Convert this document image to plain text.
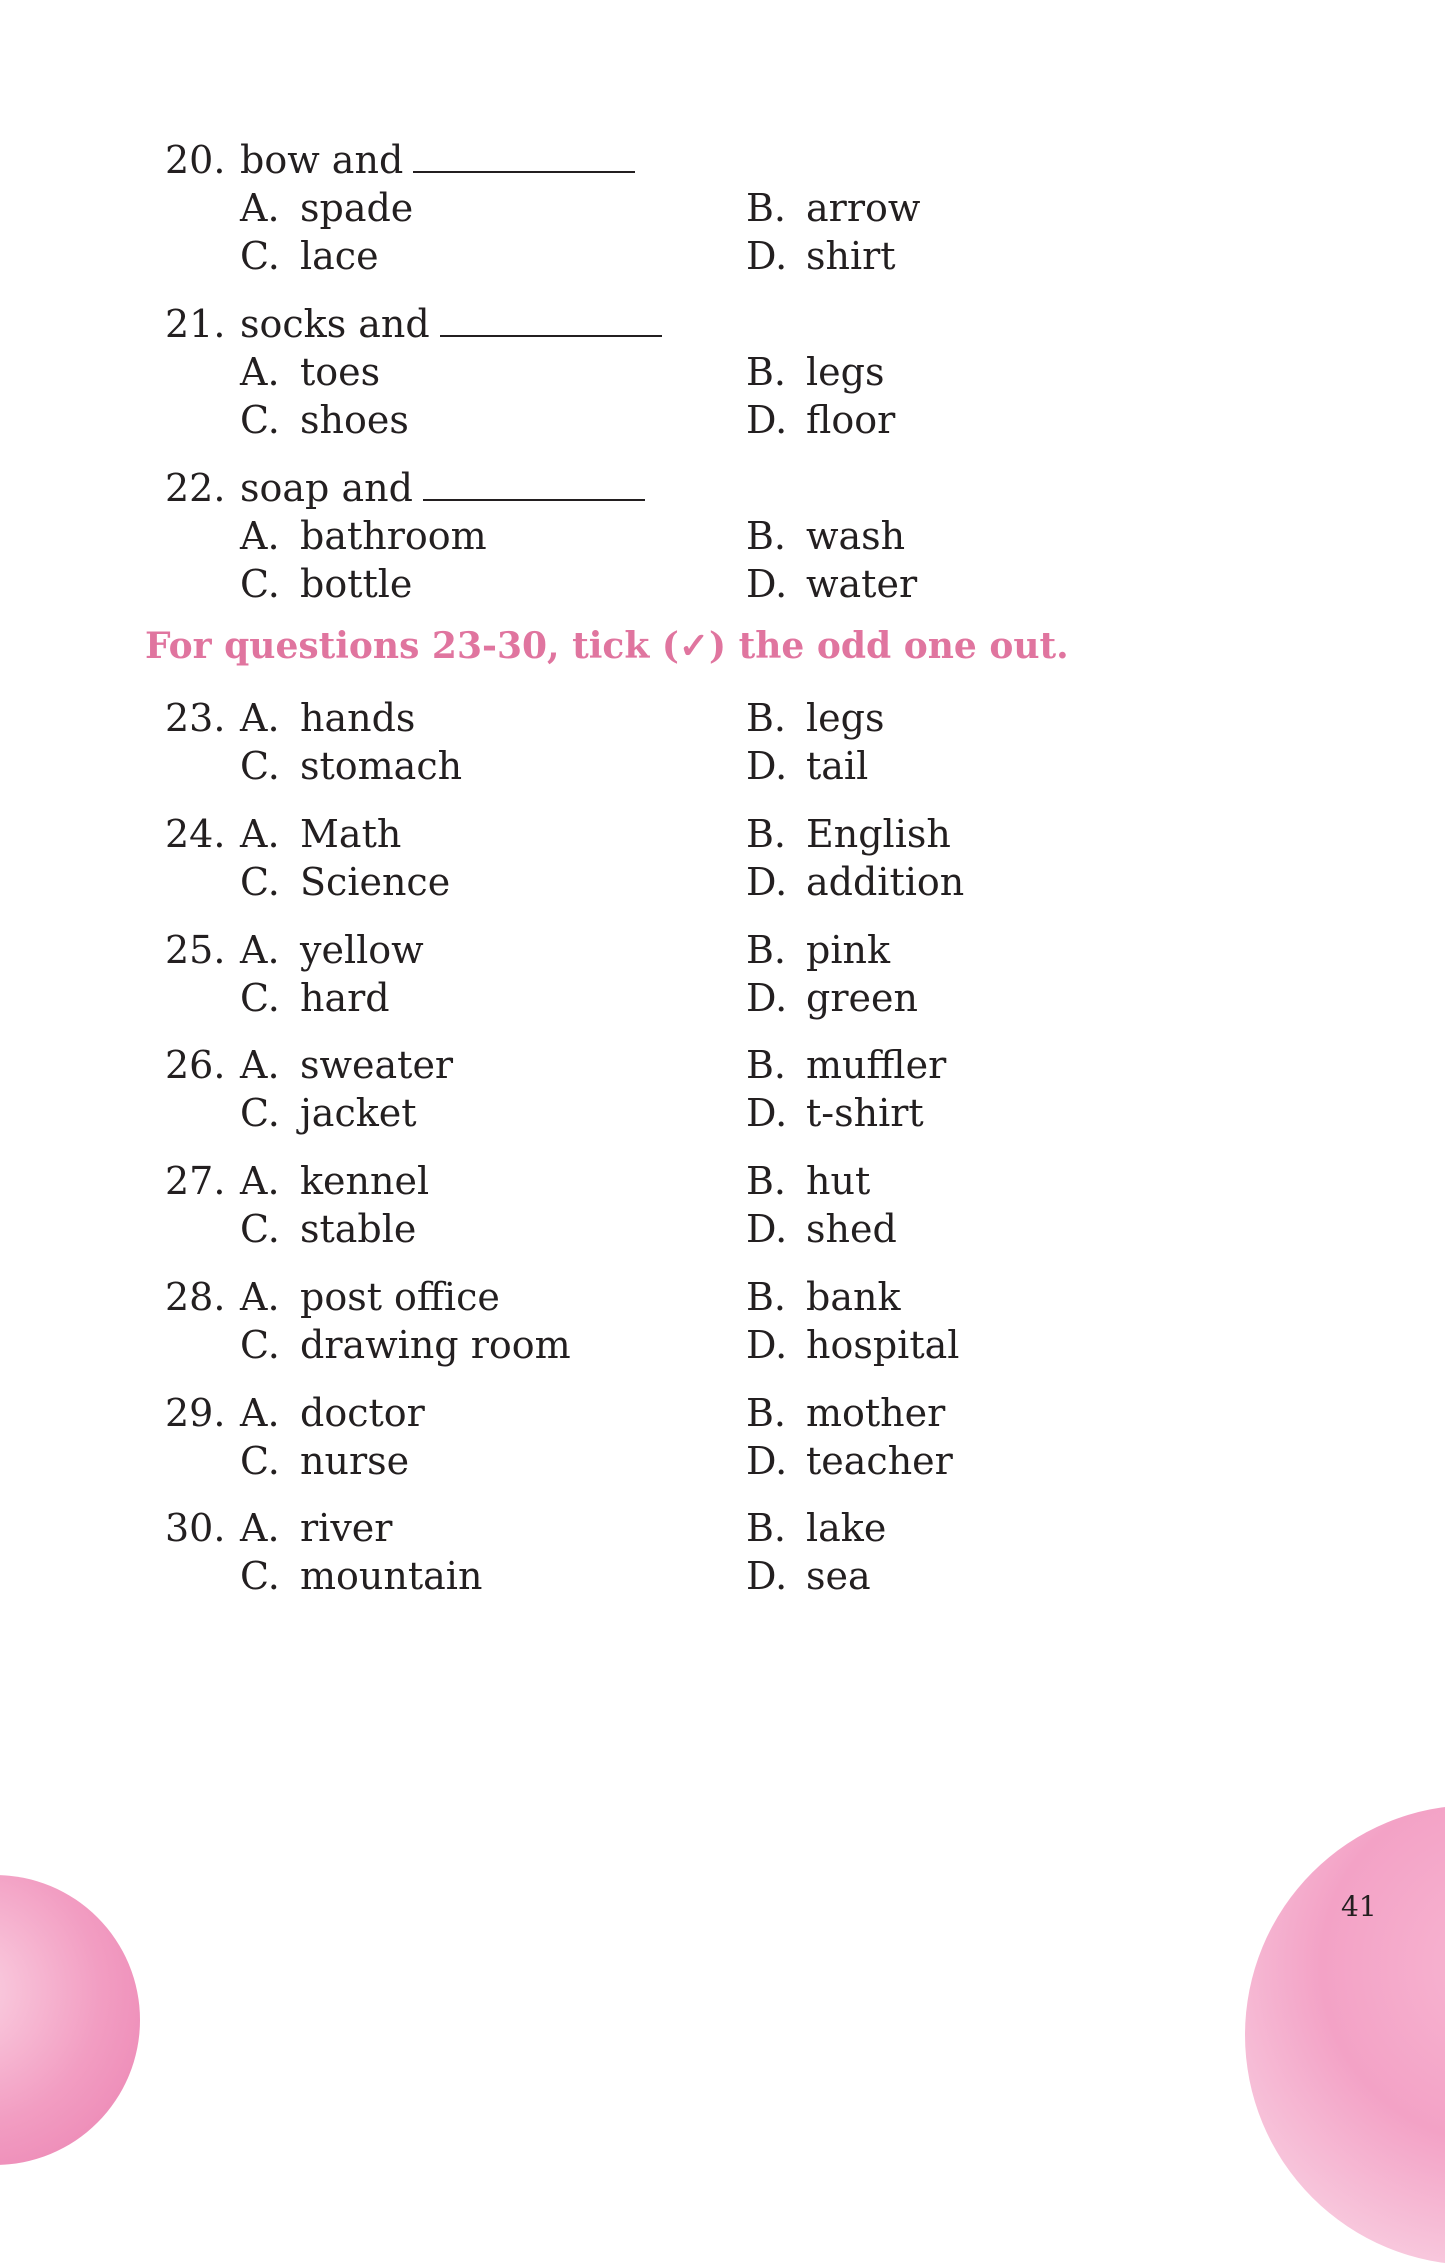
20. bow and
A. spade	B. arrow
C. lace	D. shirt
21. socks and
A. toes	B. legs
C. shoes	D. floor
22. soap and
A. bathroom	B. wash
C. bottle	D. water
For questions 23-30, tick (✓) the odd one out.
23. A. hands	B. legs
C. stomach	D. tail
24. A. Math	B. English
C. Science	D. addition
25. A. yellow	B. pink
C. hard	D. green
26. A. sweater	B. muffler
C. jacket	D. t-shirt
27. A. kennel	B. hut
C. stable	D. shed
28. A. post office	B. bank
C. drawing room	D. hospital
29. A. doctor	B. mother
C. nurse	D. teacher
30. A. river	B. lake
C. mountain	D. sea
41
